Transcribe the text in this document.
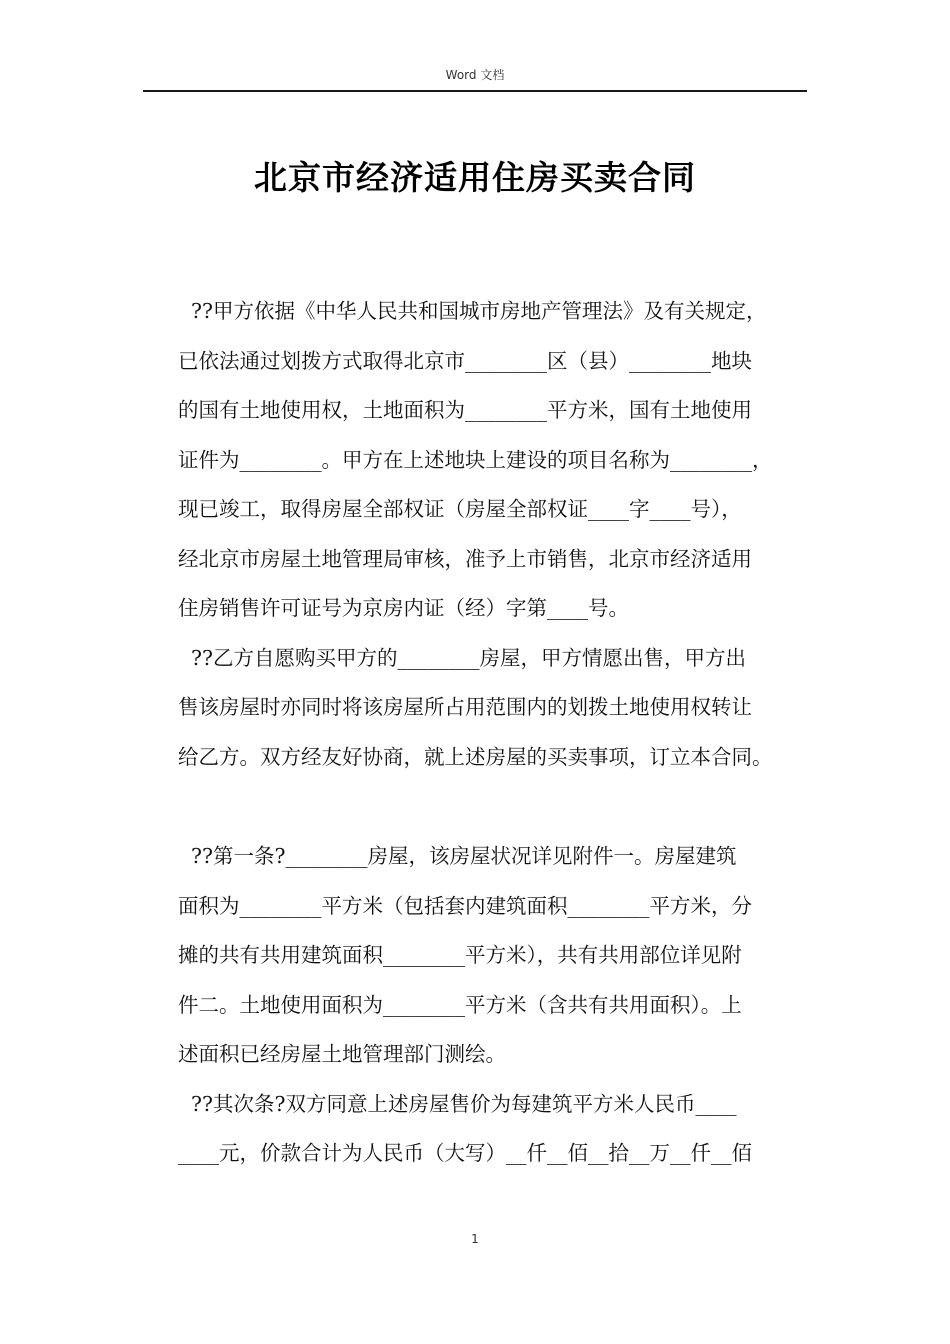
Word 文档
北京市经济适用住房买卖合同
??甲方依据《中华人民共和国城市房地产管理法》及有关规定，
已依法通过划拨方式取得北京市________区（县）________地块
的国有土地使用权，土地面积为________平方米，国有土地使用
证件为________。甲方在上述地块上建设的项目名称为________，
现已竣工，取得房屋全部权证（房屋全部权证____字____号），
经北京市房屋土地管理局审核，准予上市销售，北京市经济适用
住房销售许可证号为京房内证（经）字第____号。
??乙方自愿购买甲方的________房屋，甲方情愿出售，甲方出
售该房屋时亦同时将该房屋所占用范围内的划拨土地使用权转让
给乙方。双方经友好协商，就上述房屋的买卖事项，订立本合同。
??第一条?________房屋，该房屋状况详见附件一。房屋建筑
面积为________平方米（包括套内建筑面积________平方米，分
摊的共有共用建筑面积________平方米），共有共用部位详见附
件二。土地使用面积为________平方米（含共有共用面积）。上
述面积已经房屋土地管理部门测绘。
??其次条?双方同意上述房屋售价为每建筑平方米人民币____
____元，价款合计为人民币（大写）__仟__佰__拾__万__仟__佰
1
